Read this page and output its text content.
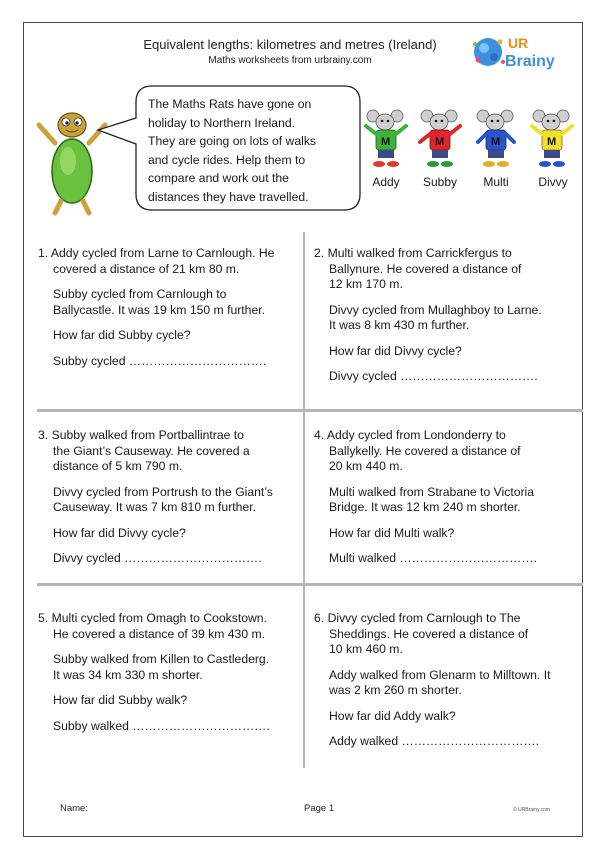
Equivalent lengths: kilometres and metres (Ireland)
Maths worksheets from urbrainy.com
UR
Brainy
The Maths Rats have gone on
holiday to Northern Ireland.
They are going on lots of walks
and cycle rides. Help them to
compare and work out the
distances they have travelled.
M	M	M	M
Addy	Subby	Multi	Divvy

1. Addy cycled from Larne to Carnlough. He
covered a distance of 21 km 80 m.

Subby cycled from Carnlough to
Ballycastle. It was 19 km 150 m further.

How far did Subby cycle?

Subby cycled …………………………….

2. Multi walked from Carrickfergus to
Ballynure. He covered a distance of
12 km 170 m.

Divvy cycled from Mullaghboy to Larne.
It was 8 km 430 m further.

How far did Divvy cycle?

Divvy cycled …………………………….

3. Subby walked from Portballintrae to
the Giant’s Causeway. He covered a
distance of 5 km 790 m.

Divvy cycled from Portrush to the Giant’s
Causeway. It was 7 km 810 m further.

How far did Divvy cycle?

Divvy cycled …………………………….

4. Addy cycled from Londonderry to
Ballykelly. He covered a distance of
20 km 440 m.

Multi walked from Strabane to Victoria
Bridge. It was 12 km 240 m shorter.

How far did Multi walk?

Multi walked …………………………….

5. Multi cycled from Omagh to Cookstown.
He covered a distance of 39 km 430 m.

Subby walked from Killen to Castlederg.
It was 34 km 330 m shorter.

How far did Subby walk?

Subby walked …………………………….

6. Divvy cycled from Carnlough to The
Sheddings. He covered a distance of
10 km 460 m.

Addy walked from Glenarm to Milltown. It
was 2 km 260 m shorter.

How far did Addy walk?

Addy walked …………………………….

Name:	Page 1	© URBrainy.com
